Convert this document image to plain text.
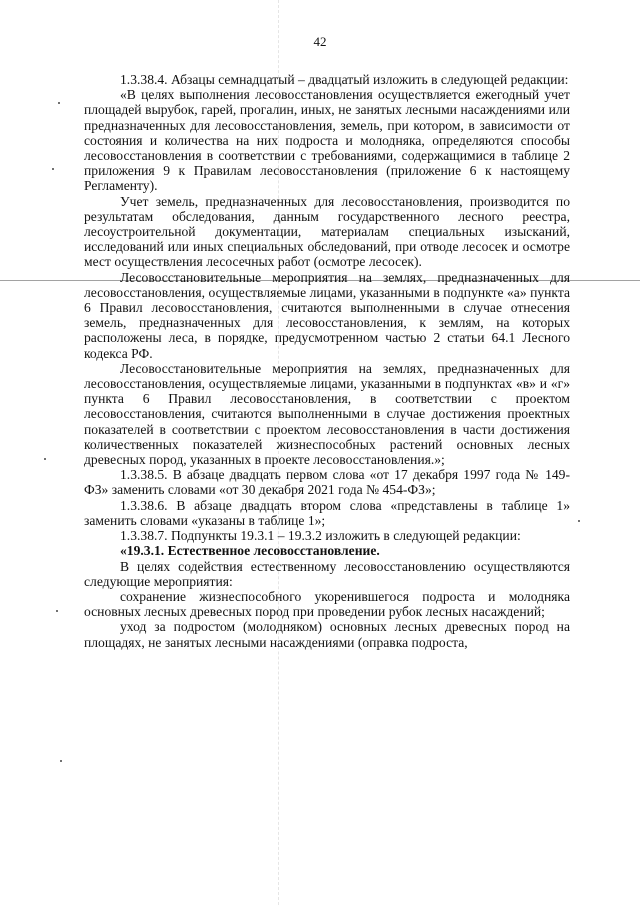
42

1.3.38.4. Абзацы семнадцатый – двадцатый изложить в следующей редакции:

«В целях выполнения лесовосстановления осуществляется ежегодный учет площадей вырубок, гарей, прогалин, иных, не занятых лесными насаждениями или предназначенных для лесовосстановления, земель, при котором, в зависимости от состояния и количества на них подроста и молодняка, определяются способы лесовосстановления в соответствии с требованиями, содержащимися в таблице 2 приложения 9 к Правилам лесовосстановления (приложение 6 к настоящему Регламенту).

Учет земель, предназначенных для лесовосстановления, производится по результатам обследования, данным государственного лесного реестра, лесоустроительной документации, материалам специальных изысканий, исследований или иных специальных обследований, при отводе лесосек и осмотре мест осуществления лесосечных работ (осмотре лесосек).

Лесовосстановительные мероприятия на землях, предназначенных для лесовосстановления, осуществляемые лицами, указанными в подпункте «а» пункта 6 Правил лесовосстановления, считаются выполненными в случае отнесения земель, предназначенных для лесовосстановления, к землям, на которых расположены леса, в порядке, предусмотренном частью 2 статьи 64.1 Лесного кодекса РФ.

Лесовосстановительные мероприятия на землях, предназначенных для лесовосстановления, осуществляемые лицами, указанными в подпунктах «в» и «г» пункта 6 Правил лесовосстановления, в соответствии с проектом лесовосстановления, считаются выполненными в случае достижения проектных показателей в соответствии с проектом лесовосстановления в части достижения количественных показателей жизнеспособных растений основных лесных древесных пород, указанных в проекте лесовосстановления.»;

1.3.38.5. В абзаце двадцать первом слова «от 17 декабря 1997 года № 149-ФЗ» заменить словами «от 30 декабря 2021 года № 454-ФЗ»;

1.3.38.6. В абзаце двадцать втором слова «представлены в таблице 1» заменить словами «указаны в таблице 1»;

1.3.38.7. Подпункты 19.3.1 – 19.3.2 изложить в следующей редакции:

«19.3.1. Естественное лесовосстановление.

В целях содействия естественному лесовосстановлению осуществляются следующие мероприятия:

сохранение жизнеспособного укоренившегося подроста и молодняка основных лесных древесных пород при проведении рубок лесных насаждений;

уход за подростом (молодняком) основных лесных древесных пород на площадях, не занятых лесными насаждениями (оправка подроста,
